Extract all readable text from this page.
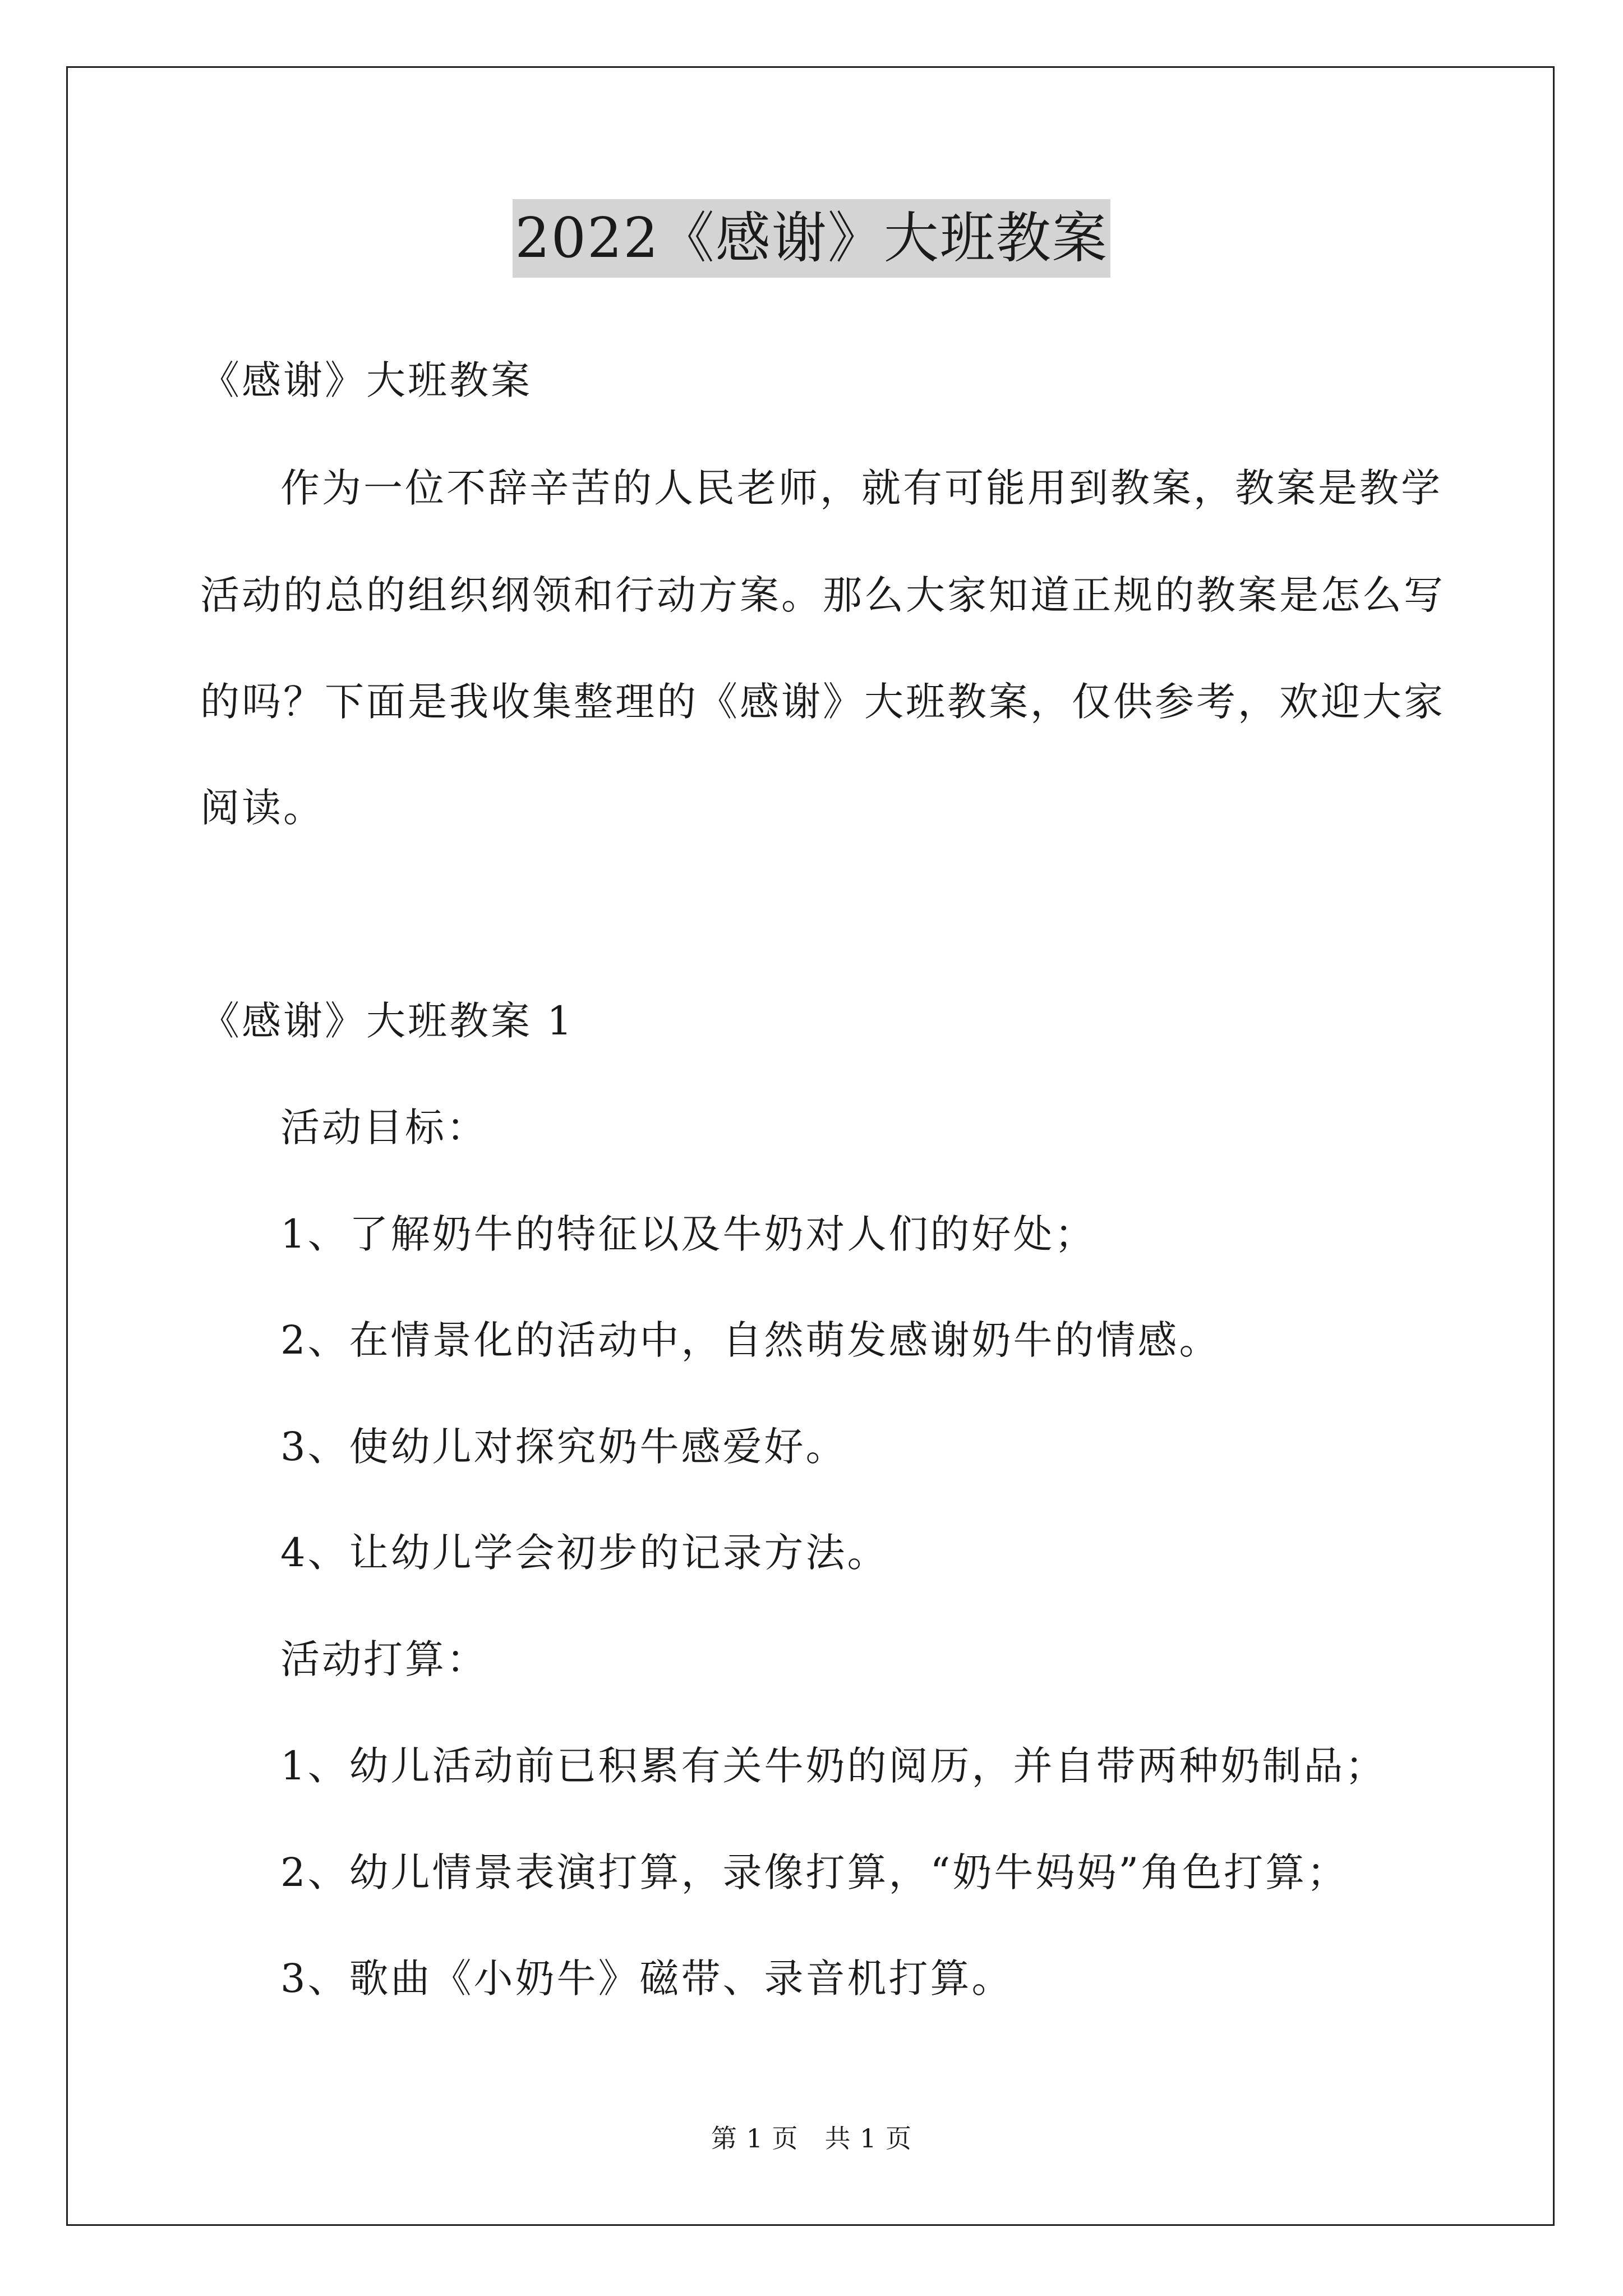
2022《感谢》大班教案
《感谢》大班教案
作为一位不辞辛苦的人民老师，就有可能用到教案，教案是教学
活动的总的组织纲领和行动方案。那么大家知道正规的教案是怎么写
的吗？下面是我收集整理的《感谢》大班教案，仅供参考，欢迎大家
阅读。
《感谢》大班教案 1
活动目标：
1、了解奶牛的特征以及牛奶对人们的好处；
2、在情景化的活动中，自然萌发感谢奶牛的情感。
3、使幼儿对探究奶牛感爱好。
4、让幼儿学会初步的记录方法。
活动打算：
1、幼儿活动前已积累有关牛奶的阅历，并自带两种奶制品；
2、幼儿情景表演打算，录像打算，“奶牛妈妈”角色打算；
3、歌曲《小奶牛》磁带、录音机打算。
第 1 页　共 1 页
